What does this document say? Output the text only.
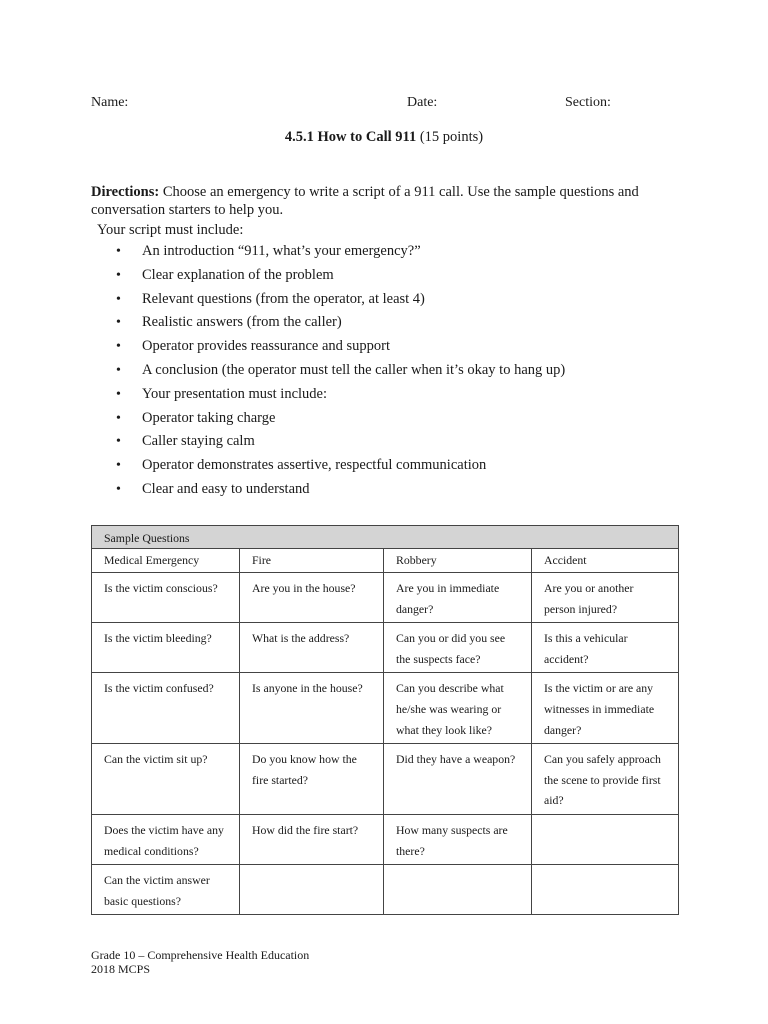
Name:	Date:	Section:
4.5.1 How to Call 911 (15 points)
Directions: Choose an emergency to write a script of a 911 call. Use the sample questions and conversation starters to help you.
Your script must include:
• An introduction “911, what’s your emergency?”
• Clear explanation of the problem
• Relevant questions (from the operator, at least 4)
• Realistic answers (from the caller)
• Operator provides reassurance and support
• A conclusion (the operator must tell the caller when it’s okay to hang up)
• Your presentation must include:
• Operator taking charge
• Caller staying calm
• Operator demonstrates assertive, respectful communication
• Clear and easy to understand
Sample Questions			
Medical Emergency	Fire	Robbery	Accident
Is the victim conscious?	Are you in the house?	Are you in immediate danger?	Are you or another person injured?
Is the victim bleeding?	What is the address?	Can you or did you see the suspects face?	Is this a vehicular accident?
Is the victim confused?	Is anyone in the house?	Can you describe what he/she was wearing or what they look like?	Is the victim or are any witnesses in immediate danger?
Can the victim sit up?	Do you know how the fire started?	Did they have a weapon?	Can you safely approach the scene to provide first aid?
Does the victim have any medical conditions?	How did the fire start?	How many suspects are there?	
Can the victim answer basic questions?			
Grade 10 – Comprehensive Health Education
2018 MCPS
